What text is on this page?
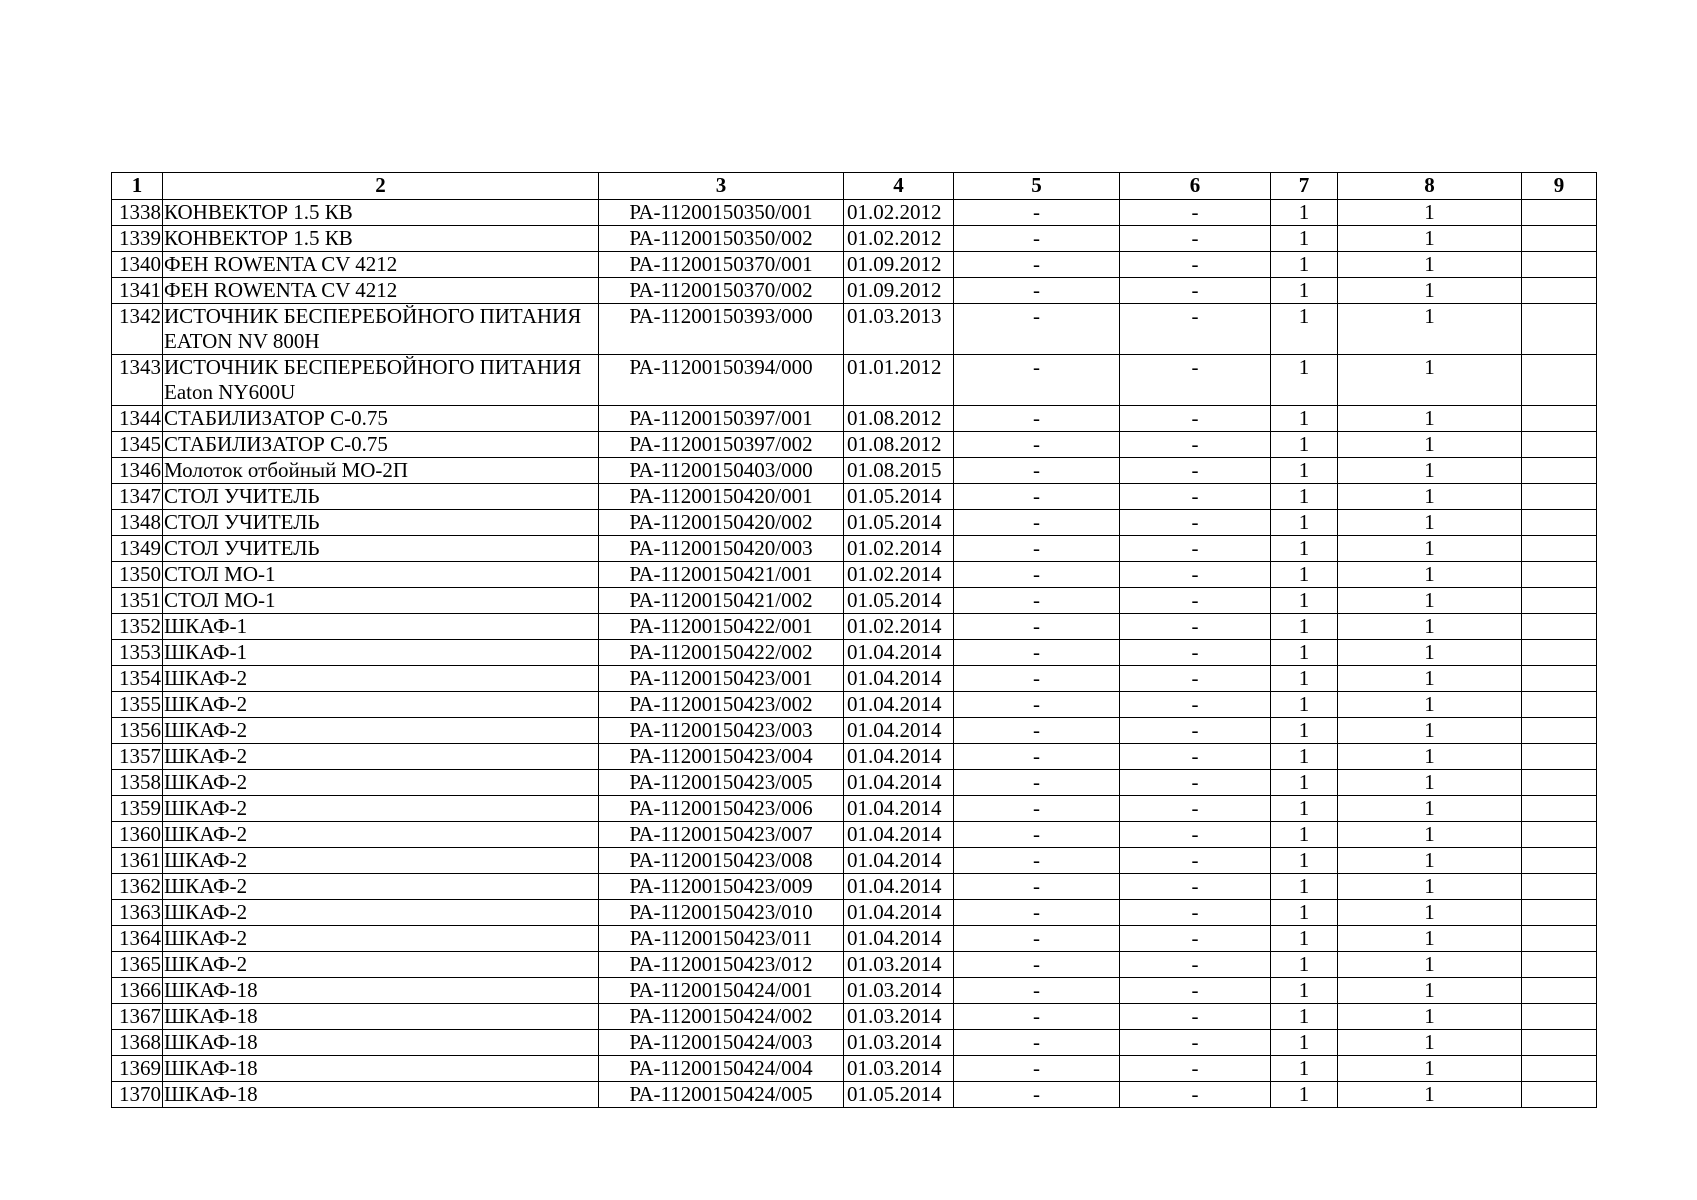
1	2	3	4	5	6	7	8	9
1338	КОНВЕКТОР 1.5 КВ	РА-11200150350/001	01.02.2012	-	-	1	1	
1339	КОНВЕКТОР 1.5 КВ	РА-11200150350/002	01.02.2012	-	-	1	1	
1340	ФЕН ROWENTA CV 4212	РА-11200150370/001	01.09.2012	-	-	1	1	
1341	ФЕН ROWENTA CV 4212	РА-11200150370/002	01.09.2012	-	-	1	1	
1342	ИСТОЧНИК БЕСПЕРЕБОЙНОГО ПИТАНИЯ EATON NV 800H	РА-11200150393/000	01.03.2013	-	-	1	1	
1343	ИСТОЧНИК БЕСПЕРЕБОЙНОГО ПИТАНИЯ Eaton NY600U	РА-11200150394/000	01.01.2012	-	-	1	1	
1344	СТАБИЛИЗАТОР С-0.75	РА-11200150397/001	01.08.2012	-	-	1	1	
1345	СТАБИЛИЗАТОР С-0.75	РА-11200150397/002	01.08.2012	-	-	1	1	
1346	Молоток отбойный МО-2П	РА-11200150403/000	01.08.2015	-	-	1	1	
1347	СТОЛ УЧИТЕЛЬ	РА-11200150420/001	01.05.2014	-	-	1	1	
1348	СТОЛ УЧИТЕЛЬ	РА-11200150420/002	01.05.2014	-	-	1	1	
1349	СТОЛ УЧИТЕЛЬ	РА-11200150420/003	01.02.2014	-	-	1	1	
1350	СТОЛ МО-1	РА-11200150421/001	01.02.2014	-	-	1	1	
1351	СТОЛ МО-1	РА-11200150421/002	01.05.2014	-	-	1	1	
1352	ШКАФ-1	РА-11200150422/001	01.02.2014	-	-	1	1	
1353	ШКАФ-1	РА-11200150422/002	01.04.2014	-	-	1	1	
1354	ШКАФ-2	РА-11200150423/001	01.04.2014	-	-	1	1	
1355	ШКАФ-2	РА-11200150423/002	01.04.2014	-	-	1	1	
1356	ШКАФ-2	РА-11200150423/003	01.04.2014	-	-	1	1	
1357	ШКАФ-2	РА-11200150423/004	01.04.2014	-	-	1	1	
1358	ШКАФ-2	РА-11200150423/005	01.04.2014	-	-	1	1	
1359	ШКАФ-2	РА-11200150423/006	01.04.2014	-	-	1	1	
1360	ШКАФ-2	РА-11200150423/007	01.04.2014	-	-	1	1	
1361	ШКАФ-2	РА-11200150423/008	01.04.2014	-	-	1	1	
1362	ШКАФ-2	РА-11200150423/009	01.04.2014	-	-	1	1	
1363	ШКАФ-2	РА-11200150423/010	01.04.2014	-	-	1	1	
1364	ШКАФ-2	РА-11200150423/011	01.04.2014	-	-	1	1	
1365	ШКАФ-2	РА-11200150423/012	01.03.2014	-	-	1	1	
1366	ШКАФ-18	РА-11200150424/001	01.03.2014	-	-	1	1	
1367	ШКАФ-18	РА-11200150424/002	01.03.2014	-	-	1	1	
1368	ШКАФ-18	РА-11200150424/003	01.03.2014	-	-	1	1	
1369	ШКАФ-18	РА-11200150424/004	01.03.2014	-	-	1	1	
1370	ШКАФ-18	РА-11200150424/005	01.05.2014	-	-	1	1	
